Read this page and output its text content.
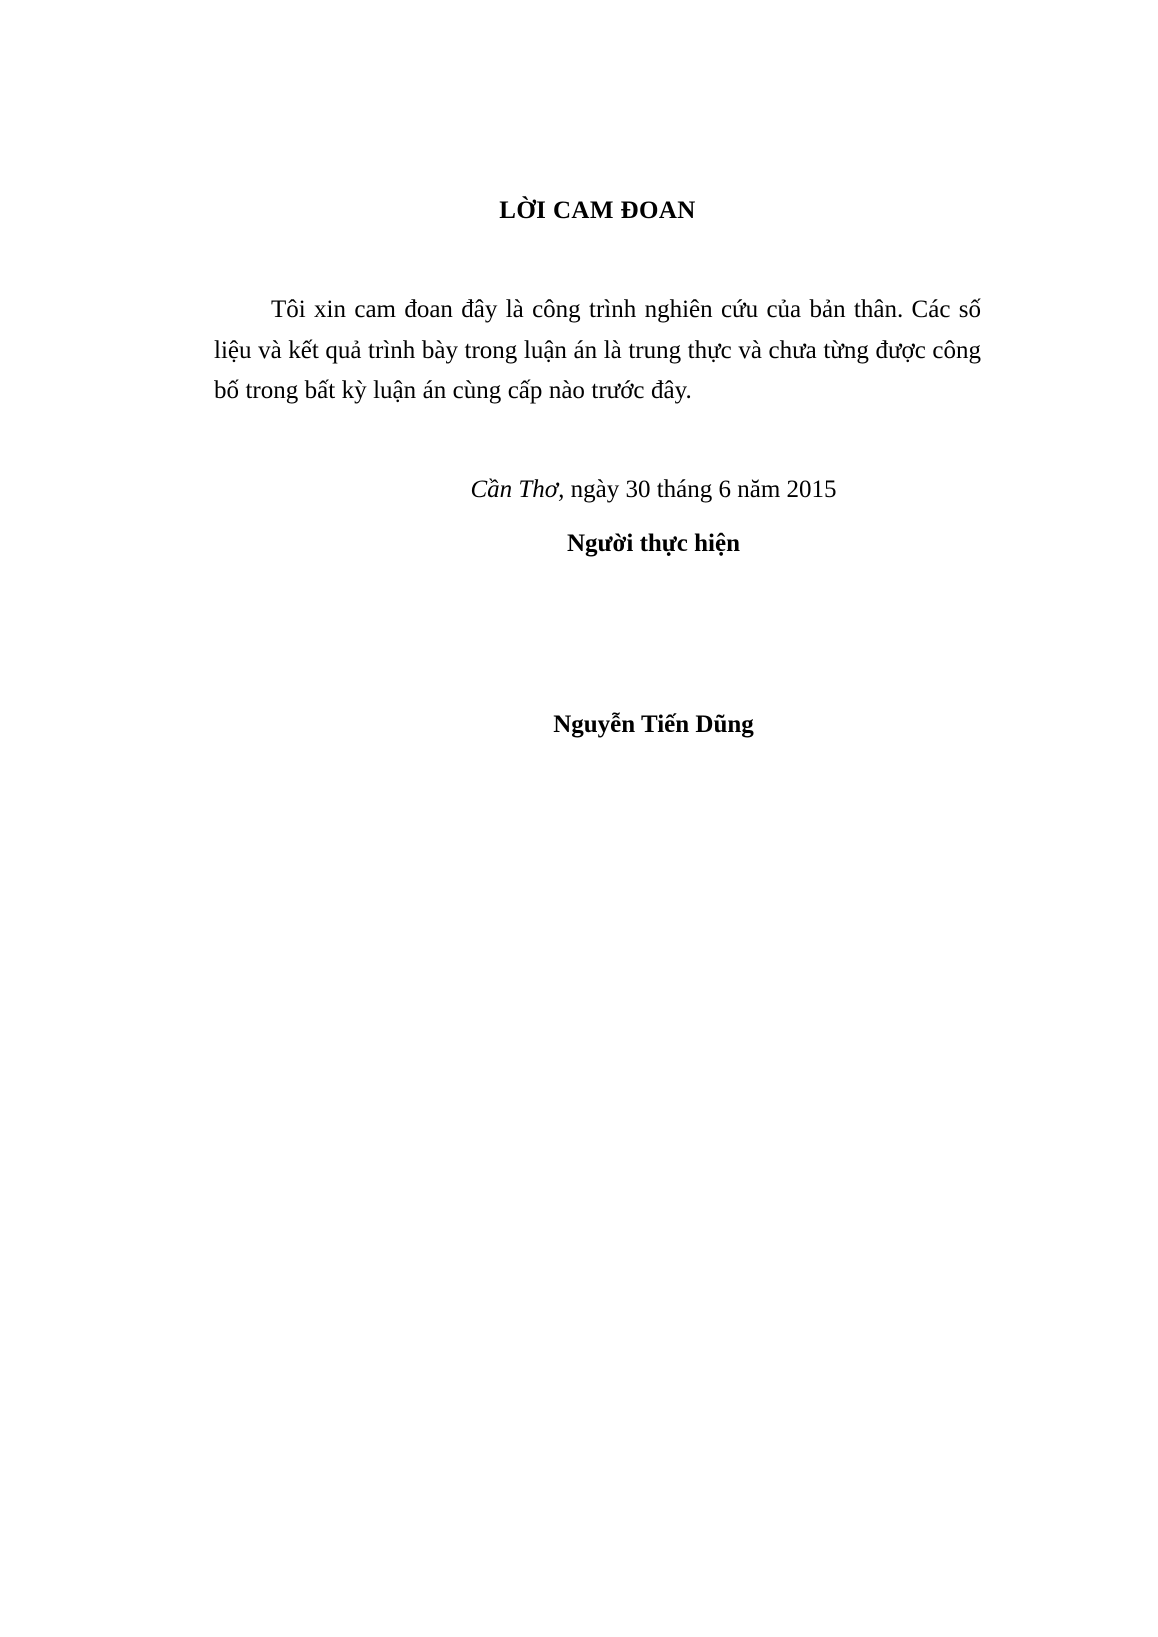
LỜI CAM ĐOAN

Tôi xin cam đoan đây là công trình nghiên cứu của bản thân. Các số liệu và kết quả trình bày trong luận án là trung thực và chưa từng được công bố trong bất kỳ luận án cùng cấp nào trước đây.

Cần Thơ, ngày 30 tháng 6 năm 2015

Người thực hiện

Nguyễn Tiến Dũng
